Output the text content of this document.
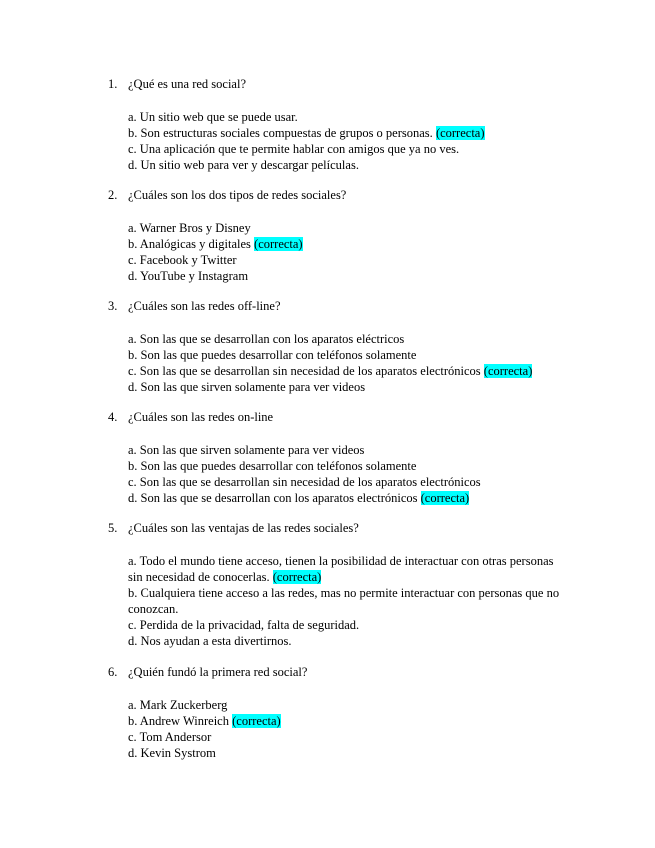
1. ¿Qué es una red social?

a. Un sitio web que se puede usar.

b. Son estructuras sociales compuestas de grupos o personas. (correcta)

c. Una aplicación que te permite hablar con amigos que ya no ves.

d. Un sitio web para ver y descargar películas.

2. ¿Cuáles son los dos tipos de redes sociales?

a. Warner Bros y Disney

b. Analógicas y digitales (correcta)

c. Facebook y Twitter

d. YouTube y Instagram

3. ¿Cuáles son las redes off-line?

a. Son las que se desarrollan con los aparatos eléctricos

b. Son las que puedes desarrollar con teléfonos solamente

c. Son las que se desarrollan sin necesidad de los aparatos electrónicos (correcta)

d. Son las que sirven solamente para ver videos

4. ¿Cuáles son las redes on-line

a. Son las que sirven solamente para ver videos

b. Son las que puedes desarrollar con teléfonos solamente

c. Son las que se desarrollan sin necesidad de los aparatos electrónicos

d. Son las que se desarrollan con los aparatos electrónicos (correcta)

5. ¿Cuáles son las ventajas de las redes sociales?

a. Todo el mundo tiene acceso, tienen la posibilidad de interactuar con otras personas sin necesidad de conocerlas. (correcta)

b. Cualquiera tiene acceso a las redes, mas no permite interactuar con personas que no conozcan.

c. Perdida de la privacidad, falta de seguridad.

d. Nos ayudan a esta divertirnos.

6. ¿Quién fundó la primera red social?

a. Mark Zuckerberg

b. Andrew Winreich (correcta)

c. Tom Andersor

d. Kevin Systrom
